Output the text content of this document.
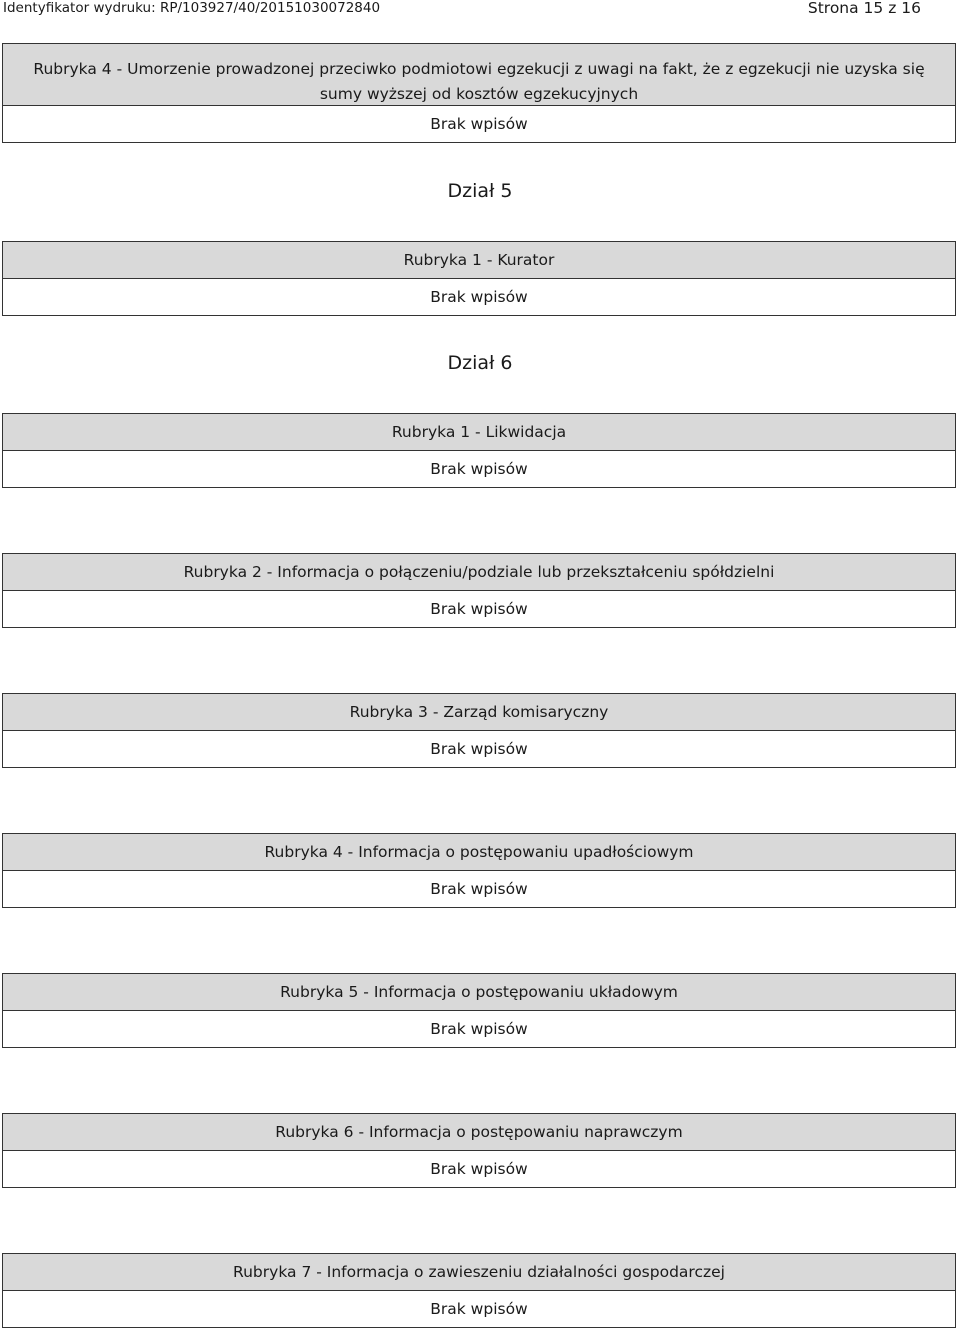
Identyfikator wydruku: RP/103927/40/20151030072840	Strona 15 z 16
Rubryka 4 - Umorzenie prowadzonej przeciwko podmiotowi egzekucji z uwagi na fakt, że z egzekucji nie uzyska się
sumy wyższej od kosztów egzekucyjnych
Brak wpisów
Dział 5
Rubryka 1 - Kurator
Brak wpisów
Dział 6
Rubryka 1 - Likwidacja
Brak wpisów
Rubryka 2 - Informacja o połączeniu/podziale lub przekształceniu spółdzielni
Brak wpisów
Rubryka 3 - Zarząd komisaryczny
Brak wpisów
Rubryka 4 - Informacja o postępowaniu upadłościowym
Brak wpisów
Rubryka 5 - Informacja o postępowaniu układowym
Brak wpisów
Rubryka 6 - Informacja o postępowaniu naprawczym
Brak wpisów
Rubryka 7 - Informacja o zawieszeniu działalności gospodarczej
Brak wpisów
